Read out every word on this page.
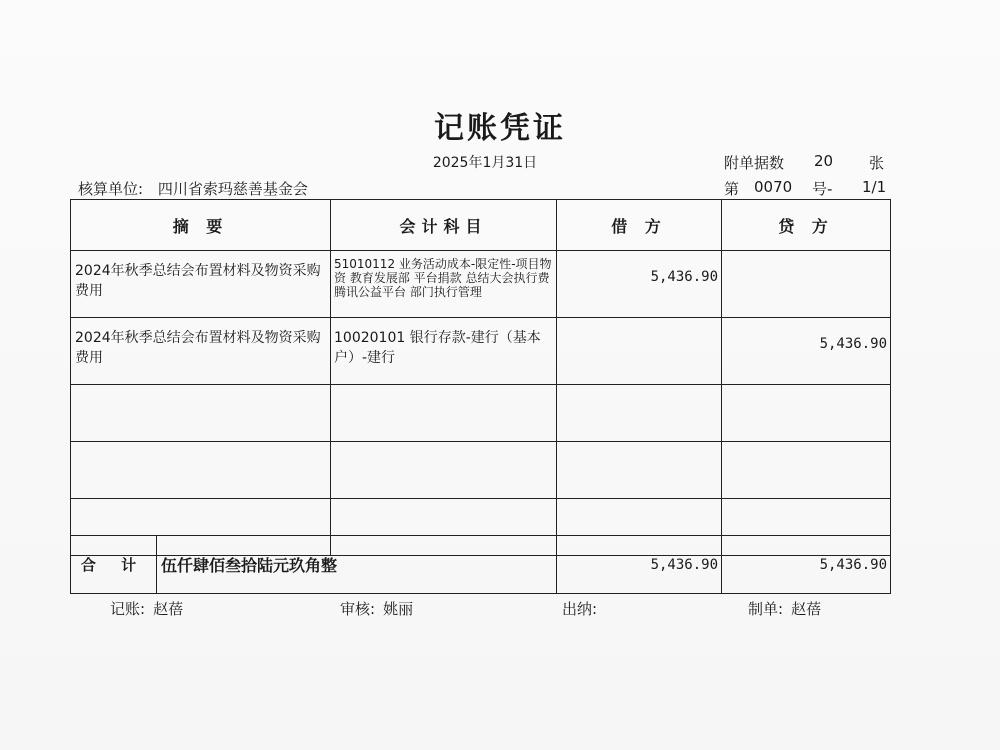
记账凭证
2025年1月31日	附单据数 20 张
核算单位: 四川省索玛慈善基金会	第 0070 号- 1/1
摘 要	会计科目	借 方	贷 方
2024年秋季总结会布置材料及物资采购费用	51010112 业务活动成本-限定性-项目物资 教育发展部 平台捐款 总结大会执行费 腾讯公益平台 部门执行管理	5,436.90	
2024年秋季总结会布置材料及物资采购费用	10020101 银行存款-建行（基本户）-建行		5,436.90

合 计	伍仟肆佰叁拾陆元玖角整	5,436.90	5,436.90
记账: 赵蓓	审核: 姚丽	出纳:	制单: 赵蓓
